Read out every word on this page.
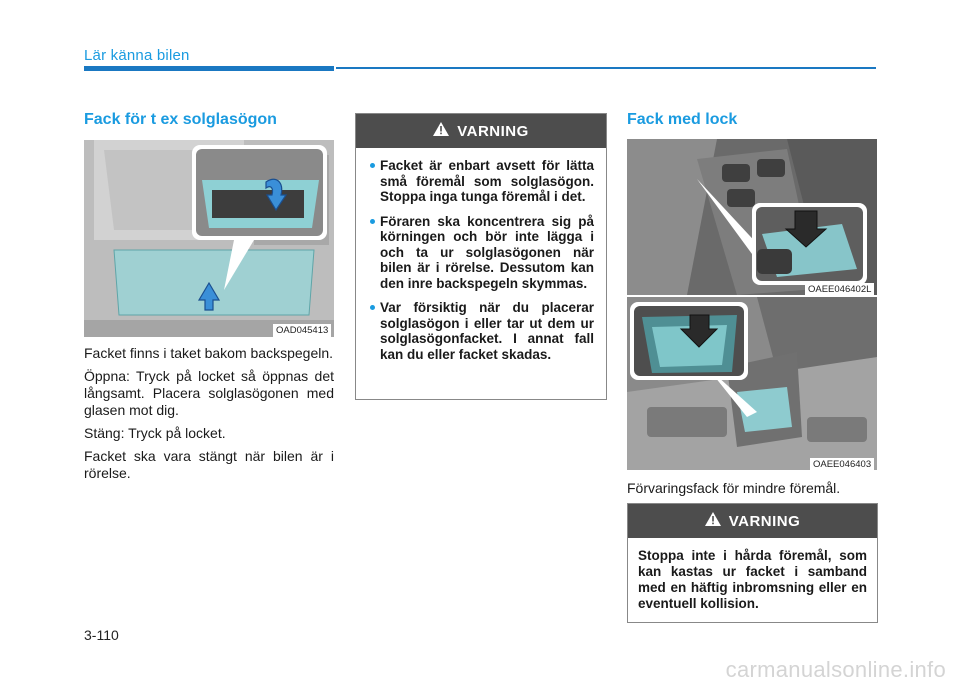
Lär känna bilen
Fack för t ex solglasögon
OAD045413

Facket finns i taket bakom backspegeln.

Öppna: Tryck på locket så öppnas det långsamt. Placera solglasögonen med glasen mot dig.

Stäng: Tryck på locket.

Facket ska vara stängt när bilen är i rörelse.

VARNING
Facket är enbart avsett för lätta små föremål som solglasögon. Stoppa inga tunga föremål i det.
Föraren ska koncentrera sig på körningen och bör inte lägga i och ta ur solglasögonen när bilen är i rörelse. Dessutom kan den inre backspegeln skymmas.
Var försiktig när du placerar solglasögon i eller tar ut dem ur solglasögonfacket. I annat fall kan du eller facket skadas.
Fack med lock
OAEE046402L
OAEE046403
Förvaringsfack för mindre föremål.
VARNING

Stoppa inte i hårda föremål, som kan kastas ur facket i samband med en häftig inbromsning eller en eventuell kollision.

3-110
carmanualsonline.info
